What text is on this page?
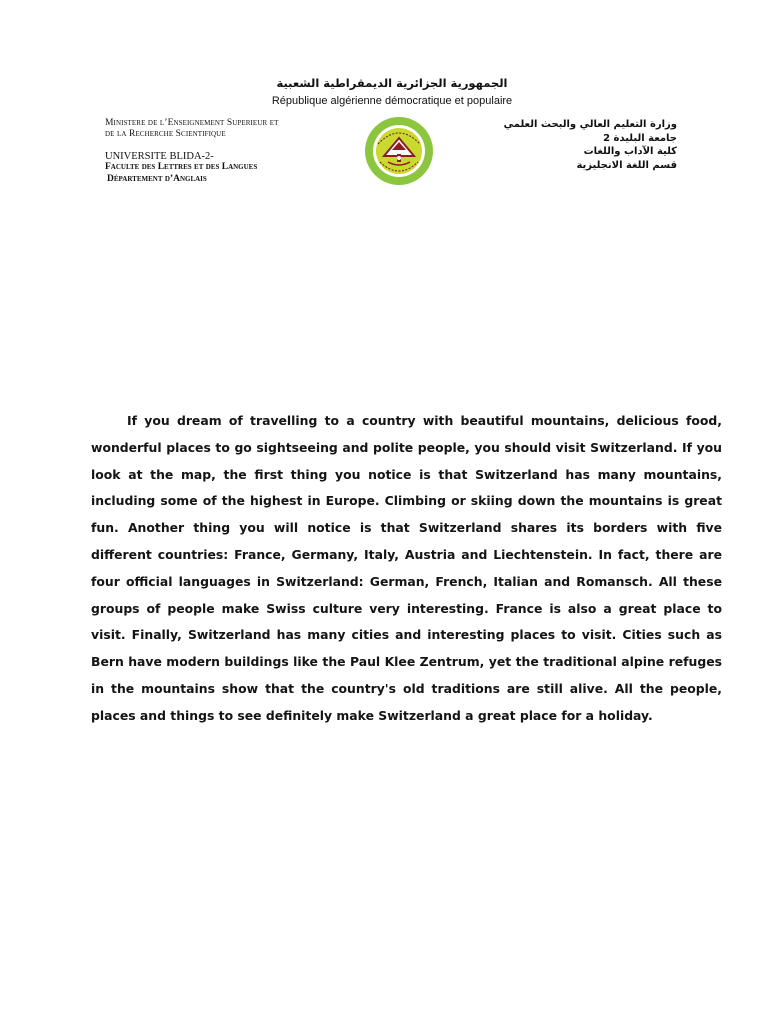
الجمهورية الجزائرية الديمقراطية الشعبية
République algérienne démocratique et populaire
Ministere de l’Enseignement Superieur et
de la Recherche Scientifique
UNIVERSITE BLIDA-2-
Faculte des Lettres et des Langues
Département d’Anglais
وزارة التعليم العالي والبحث العلمي
جامعة البليدة 2
كلية الآداب واللغات
قسم اللغة الانجليزية
If you dream of travelling to a country with beautiful mountains, delicious food, wonderful places to go sightseeing and polite people, you should visit Switzerland. If you look at the map, the first thing you notice is that Switzerland has many mountains, including some of the highest in Europe. Climbing or skiing down the mountains is great fun. Another thing you will notice is that Switzerland shares its borders with five different countries: France, Germany, Italy, Austria and Liechtenstein. In fact, there are four official languages in Switzerland: German, French, Italian and Romansch. All these groups of people make Swiss culture very interesting. France is also a great place to visit. Finally, Switzerland has many cities and interesting places to visit. Cities such as Bern have modern buildings like the Paul Klee Zentrum, yet the traditional alpine refuges in the mountains show that the country's old traditions are still alive. All the people, places and things to see definitely make Switzerland a great place for a holiday.
